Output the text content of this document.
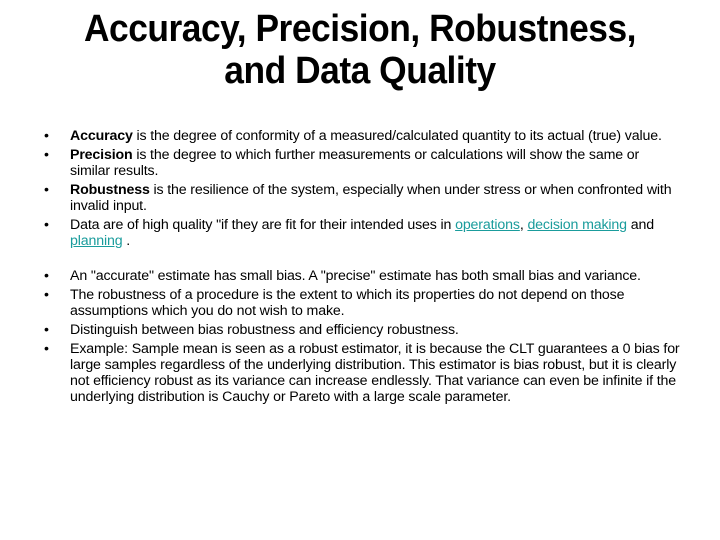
Accuracy, Precision, Robustness,
and Data Quality
• Accuracy is the degree of conformity of a measured/calculated quantity to its actual (true) value.
• Precision is the degree to which further measurements or calculations will show the same or similar results.
• Robustness is the resilience of the system, especially when under stress or when confronted with invalid input.
• Data are of high quality "if they are fit for their intended uses in operations, decision making and planning .
• An "accurate" estimate has small bias. A "precise" estimate has both small bias and variance.
• The robustness of a procedure is the extent to which its properties do not depend on those assumptions which you do not wish to make.
• Distinguish between bias robustness and efficiency robustness.
• Example: Sample mean is seen as a robust estimator, it is because the CLT guarantees a 0 bias for large samples regardless of the underlying distribution. This estimator is bias robust, but it is clearly not efficiency robust as its variance can increase endlessly. That variance can even be infinite if the underlying distribution is Cauchy or Pareto with a large scale parameter.
